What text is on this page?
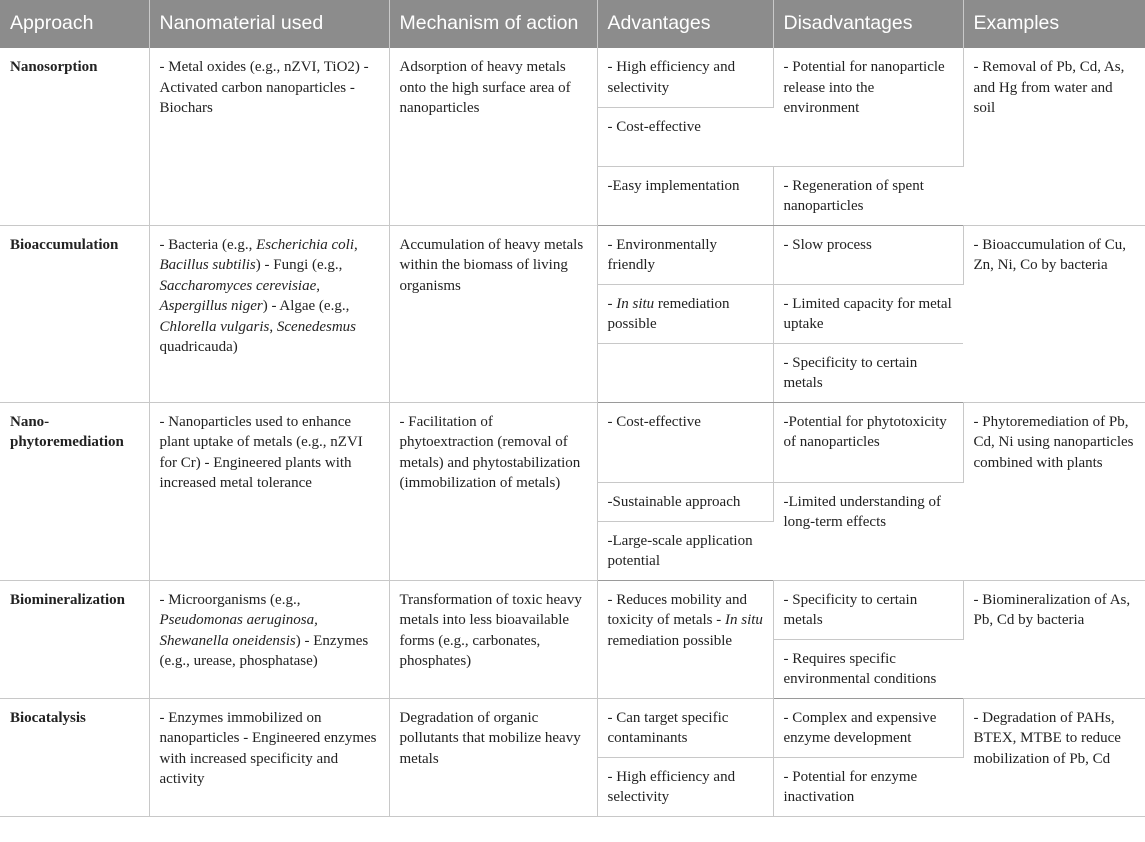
Approach	Nanomaterial used	Mechanism of action	Advantages	Disadvantages	Examples
Nanosorption	- Metal oxides (e.g., nZVI, TiO2) - Activated carbon nanoparticles - Biochars	Adsorption of heavy metals onto the high surface area of nanoparticles	- High efficiency and selectivity	- Potential for nanoparticle release into the environment	- Removal of Pb, Cd, As, and Hg from water and soil
			- Cost-effective		
			-Easy implementation	- Regeneration of spent nanoparticles	
Bioaccumulation	- Bacteria (e.g., Escherichia coli, Bacillus subtilis) - Fungi (e.g., Saccharomyces cerevisiae, Aspergillus niger) - Algae (e.g., Chlorella vulgaris, Scenedesmus quadricauda)	Accumulation of heavy metals within the biomass of living organisms	- Environmentally friendly	- Slow process	- Bioaccumulation of Cu, Zn, Ni, Co by bacteria
			- In situ remediation possible	- Limited capacity for metal uptake	
				- Specificity to certain metals	
Nano-phytoremediation	- Nanoparticles used to enhance plant uptake of metals (e.g., nZVI for Cr) - Engineered plants with increased metal tolerance	- Facilitation of phytoextraction (removal of metals) and phytostabilization (immobilization of metals)	- Cost-effective	-Potential for phytotoxicity of nanoparticles	- Phytoremediation of Pb, Cd, Ni using nanoparticles combined with plants
			-Sustainable approach	-Limited understanding of long-term effects	
			-Large-scale application potential		
Biomineralization	- Microorganisms (e.g., Pseudomonas aeruginosa, Shewanella oneidensis) - Enzymes (e.g., urease, phosphatase)	Transformation of toxic heavy metals into less bioavailable forms (e.g., carbonates, phosphates)	- Reduces mobility and toxicity of metals - In situ remediation possible	- Specificity to certain metals	- Biomineralization of As, Pb, Cd by bacteria
				- Requires specific environmental conditions	
Biocatalysis	- Enzymes immobilized on nanoparticles - Engineered enzymes with increased specificity and activity	Degradation of organic pollutants that mobilize heavy metals	- Can target specific contaminants	- Complex and expensive enzyme development	- Degradation of PAHs, BTEX, MTBE to reduce mobilization of Pb, Cd
			- High efficiency and selectivity	- Potential for enzyme inactivation	
